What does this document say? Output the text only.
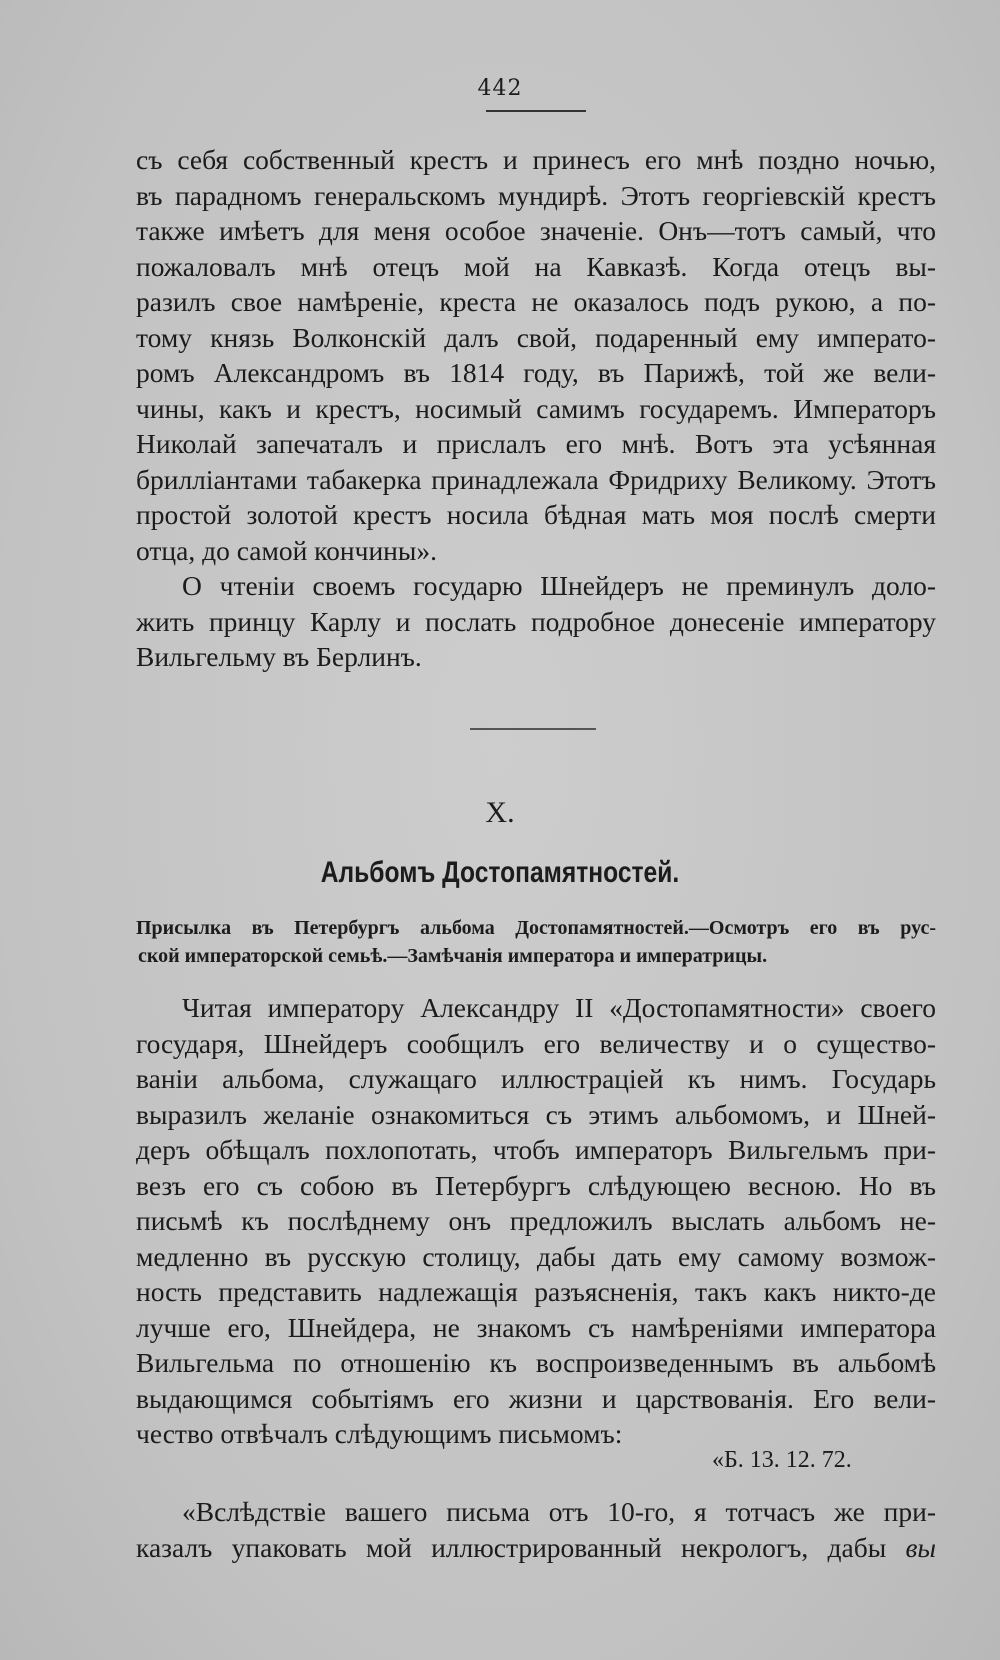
442
съ себя собственный крестъ и принесъ его мнѣ поздно ночью,
въ парадномъ генеральскомъ мундирѣ. Этотъ георгіевскій крестъ
также имѣетъ для меня особое значеніе. Онъ—тотъ самый, что
пожаловалъ мнѣ отецъ мой на Кавказѣ. Когда отецъ вы-
разилъ свое намѣреніе, креста не оказалось подъ рукою, а по-
тому князь Волконскій далъ свой, подаренный ему императо-
ромъ Александромъ въ 1814 году, въ Парижѣ, той же вели-
чины, какъ и крестъ, носимый самимъ государемъ. Императоръ
Николай запечаталъ и прислалъ его мнѣ. Вотъ эта усѣянная
брилліантами табакерка принадлежала Фридриху Великому. Этотъ
простой золотой крестъ носила бѣдная мать моя послѣ смерти
отца, до самой кончины».
О чтеніи своемъ государю Шнейдеръ не преминулъ доло-
жить принцу Карлу и послать подробное донесеніе императору
Вильгельму въ Берлинъ.
X.
Альбомъ Достопамятностей.
Присылка въ Петербургъ альбома Достопамятностей.—Осмотръ его въ рус-
ской императорской семьѣ.—Замѣчанія императора и императрицы.
Читая императору Александру II «Достопамятности» своего
государя, Шнейдеръ сообщилъ его величеству и о существо-
ваніи альбома, служащаго иллюстраціей къ нимъ. Государь
выразилъ желаніе ознакомиться съ этимъ альбомомъ, и Шней-
деръ обѣщалъ похлопотать, чтобъ императоръ Вильгельмъ при-
везъ его съ собою въ Петербургъ слѣдующею весною. Но въ
письмѣ къ послѣднему онъ предложилъ выслать альбомъ не-
медленно въ русскую столицу, дабы дать ему самому возмож-
ность представить надлежащія разъясненія, такъ какъ никто-де
лучше его, Шнейдера, не знакомъ съ намѣреніями императора
Вильгельма по отношенію къ воспроизведеннымъ въ альбомѣ
выдающимся событіямъ его жизни и царствованія. Его вели-
чество отвѣчалъ слѣдующимъ письмомъ:
«Б. 13. 12. 72.
«Вслѣдствіе вашего письма отъ 10-го, я тотчасъ же при-
казалъ упаковать мой иллюстрированный некрологъ, дабы вы
